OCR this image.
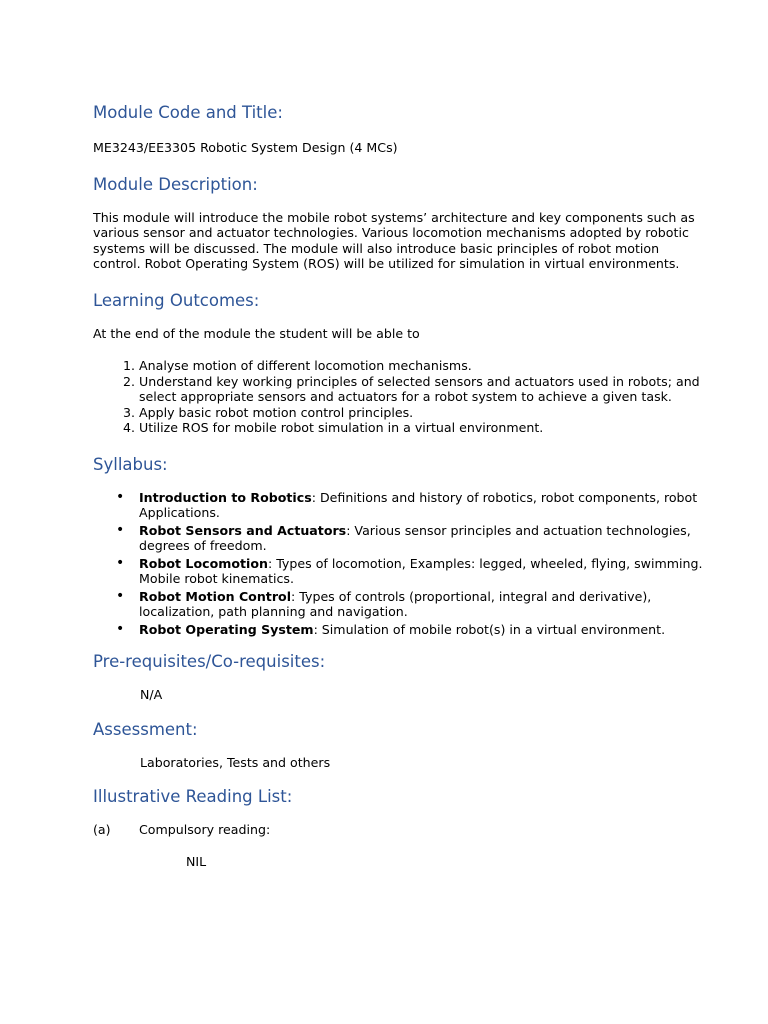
Module Code and Title:

ME3243/EE3305 Robotic System Design (4 MCs)

Module Description:

This module will introduce the mobile robot systems’ architecture and key components such as various sensor and actuator technologies. Various locomotion mechanisms adopted by robotic systems will be discussed. The module will also introduce basic principles of robot motion control. Robot Operating System (ROS) will be utilized for simulation in virtual environments.

Learning Outcomes:

At the end of the module the student will be able to

1. Analyse motion of different locomotion mechanisms.
2. Understand key working principles of selected sensors and actuators used in robots; and select appropriate sensors and actuators for a robot system to achieve a given task.
3. Apply basic robot motion control principles.
4. Utilize ROS for mobile robot simulation in a virtual environment.
Syllabus:
• Introduction to Robotics: Definitions and history of robotics, robot components, robot Applications.
• Robot Sensors and Actuators: Various sensor principles and actuation technologies, degrees of freedom.
• Robot Locomotion: Types of locomotion, Examples: legged, wheeled, flying, swimming. Mobile robot kinematics.
• Robot Motion Control: Types of controls (proportional, integral and derivative), localization, path planning and navigation.
• Robot Operating System: Simulation of mobile robot(s) in a virtual environment.
Pre-requisites/Co-requisites:

N/A

Assessment:

Laboratories, Tests and others

Illustrative Reading List:
(a)	Compulsory reading:

NIL
